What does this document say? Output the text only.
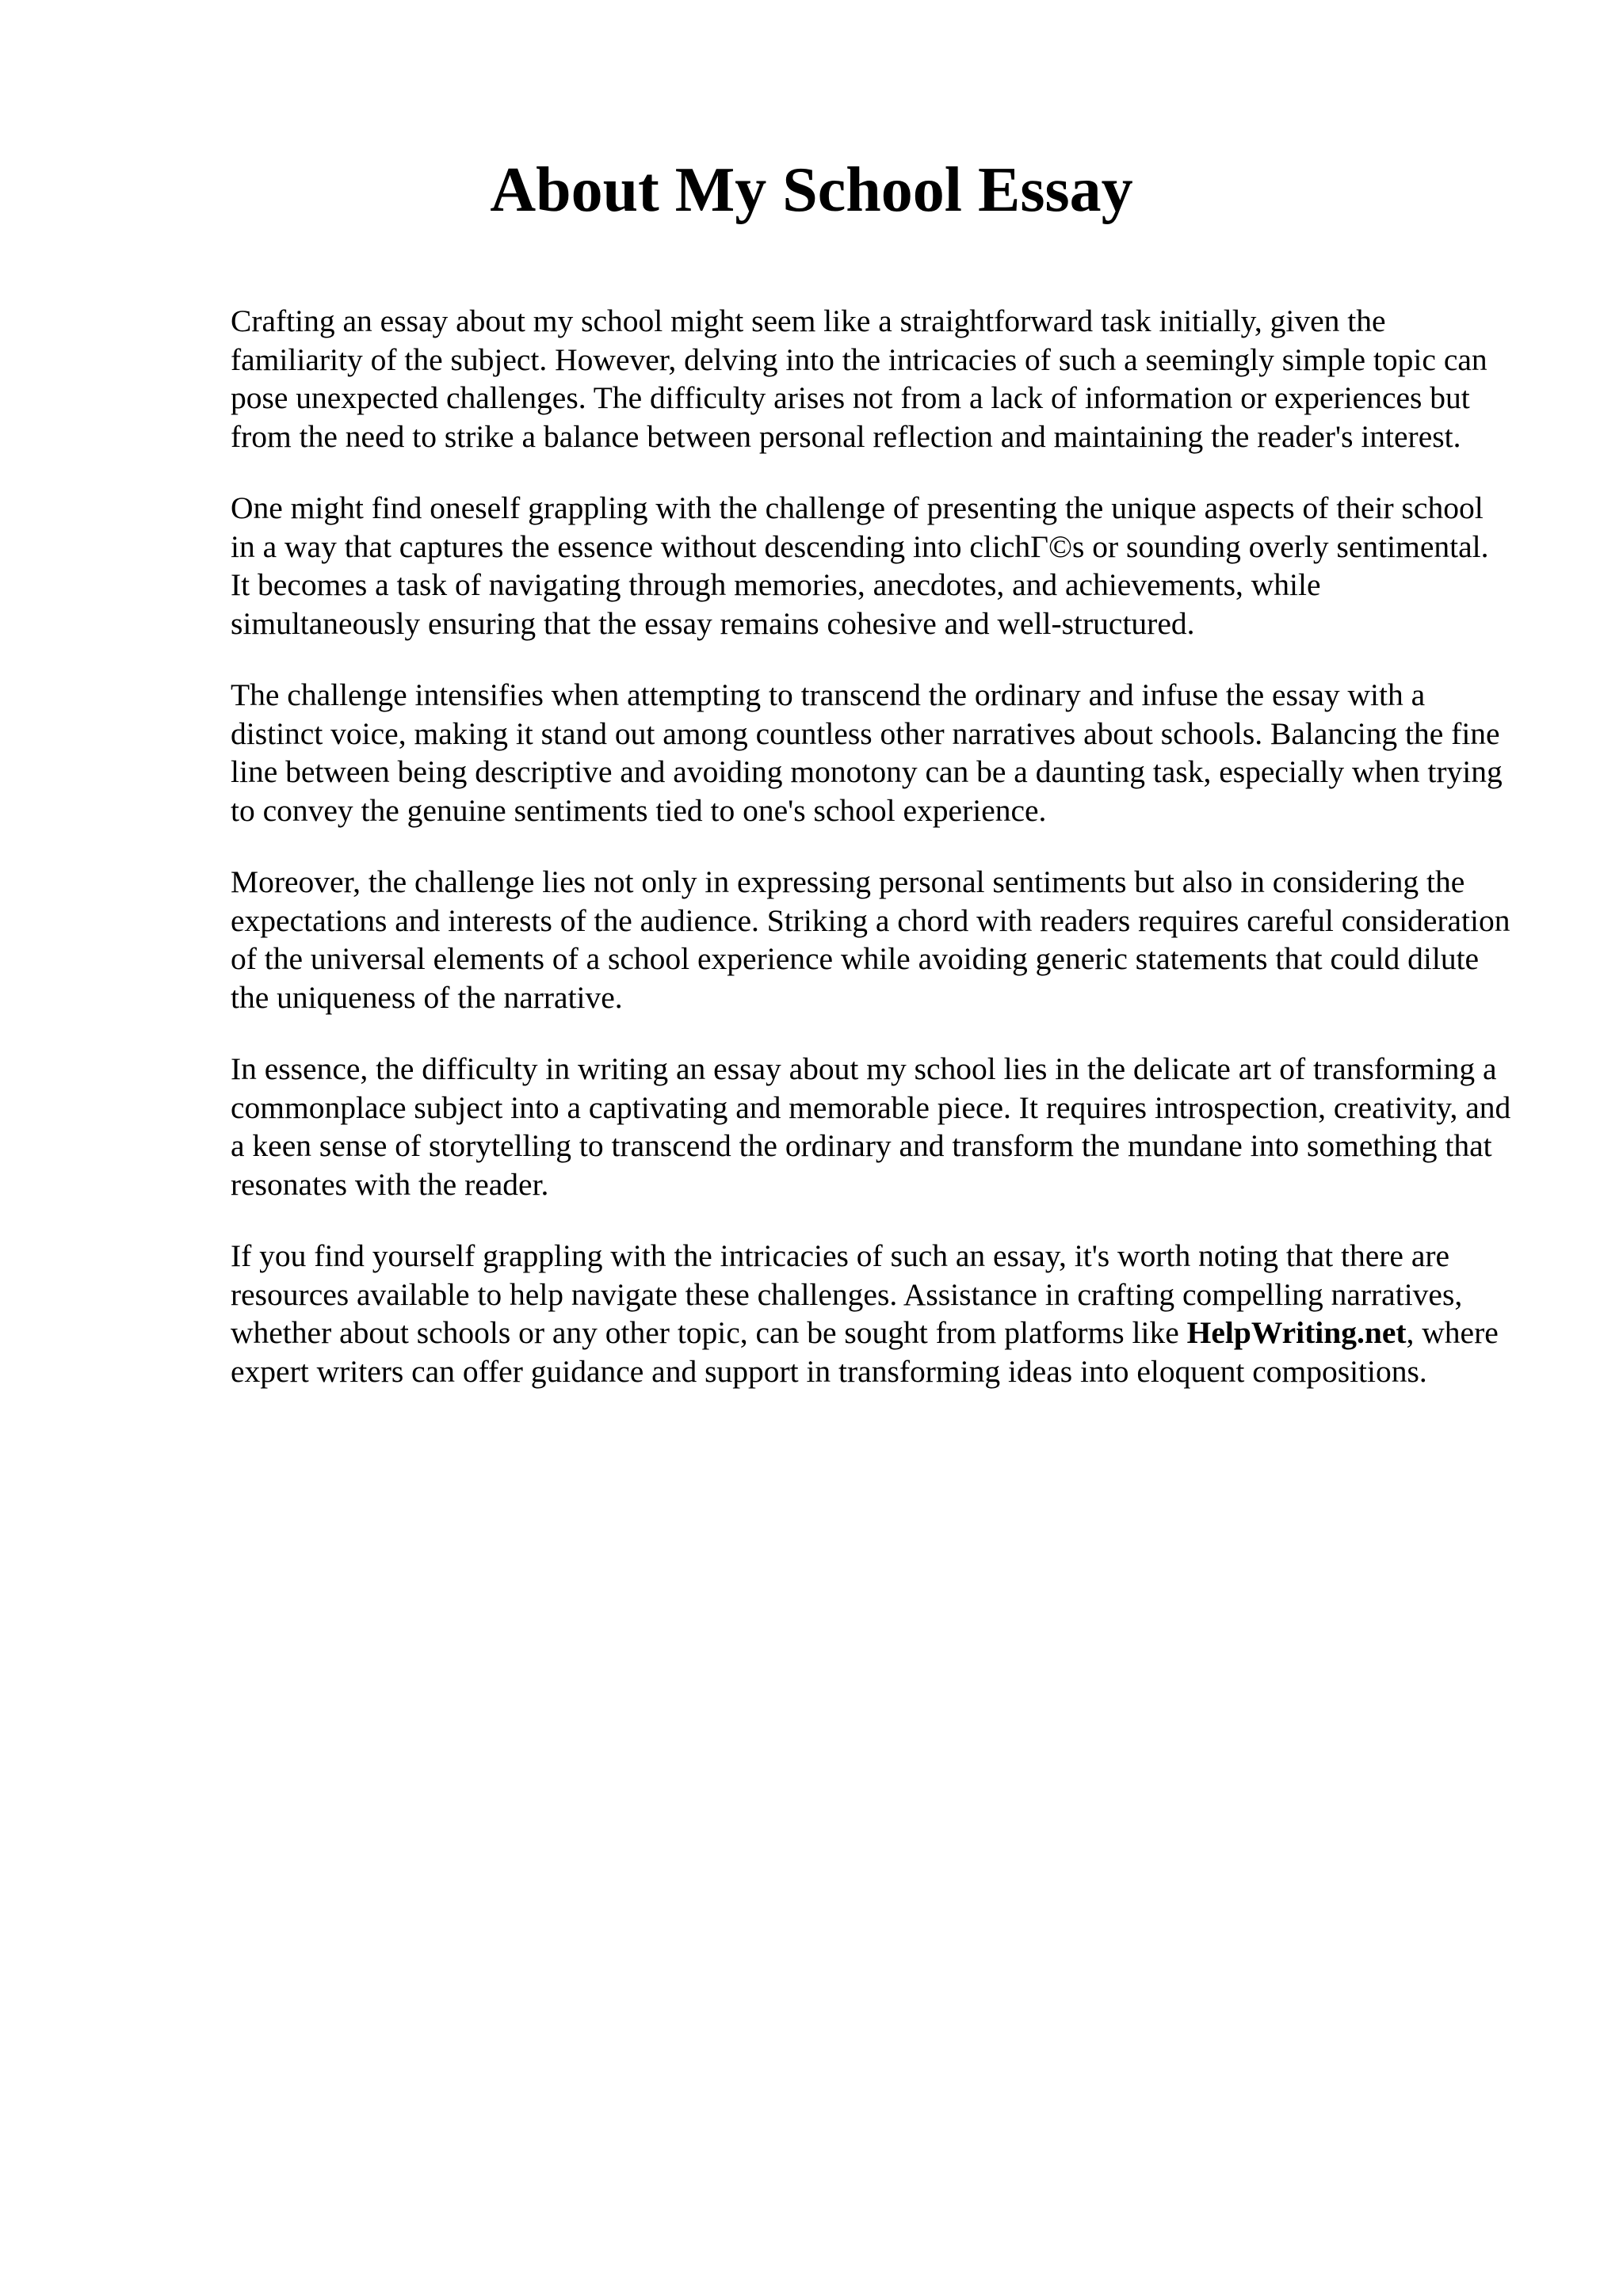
About My School Essay

Crafting an essay about my school might seem like a straightforward task initially, given the familiarity of the subject. However, delving into the intricacies of such a seemingly simple topic can pose unexpected challenges. The difficulty arises not from a lack of information or experiences but from the need to strike a balance between personal reflection and maintaining the reader's interest.

One might find oneself grappling with the challenge of presenting the unique aspects of their school in a way that captures the essence without descending into clichΓ©s or sounding overly sentimental. It becomes a task of navigating through memories, anecdotes, and achievements, while simultaneously ensuring that the essay remains cohesive and well-structured.

The challenge intensifies when attempting to transcend the ordinary and infuse the essay with a distinct voice, making it stand out among countless other narratives about schools. Balancing the fine line between being descriptive and avoiding monotony can be a daunting task, especially when trying to convey the genuine sentiments tied to one's school experience.

Moreover, the challenge lies not only in expressing personal sentiments but also in considering the expectations and interests of the audience. Striking a chord with readers requires careful consideration of the universal elements of a school experience while avoiding generic statements that could dilute the uniqueness of the narrative.

In essence, the difficulty in writing an essay about my school lies in the delicate art of transforming a commonplace subject into a captivating and memorable piece. It requires introspection, creativity, and a keen sense of storytelling to transcend the ordinary and transform the mundane into something that resonates with the reader.

If you find yourself grappling with the intricacies of such an essay, it's worth noting that there are resources available to help navigate these challenges. Assistance in crafting compelling narratives, whether about schools or any other topic, can be sought from platforms like HelpWriting.net, where expert writers can offer guidance and support in transforming ideas into eloquent compositions.
